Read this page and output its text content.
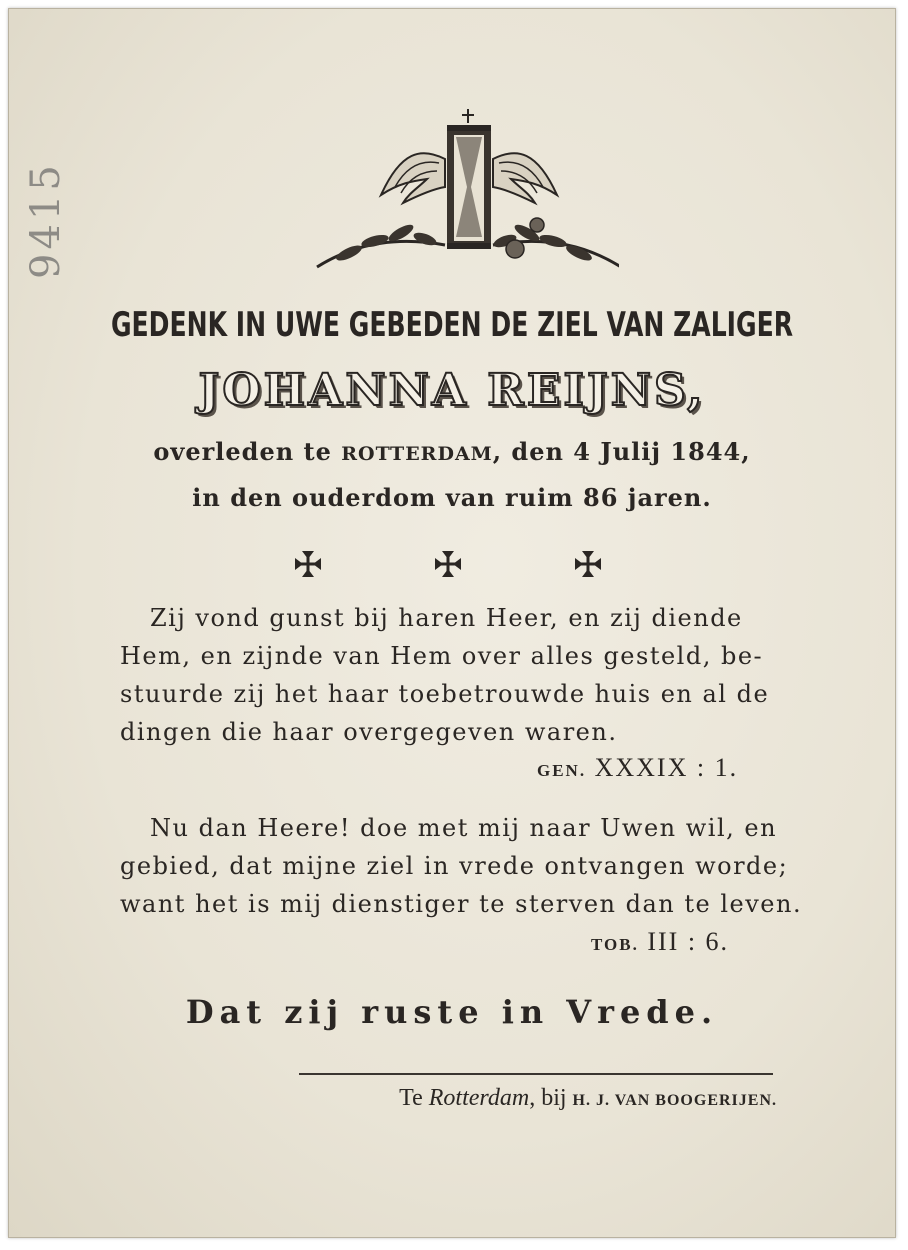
9415
GEDENK IN UWE GEBEDEN DE ZIEL VAN ZALIGER
JOHANNA REIJNS,
overleden te ROTTERDAM, den 4 Julij 1844,
in den ouderdom van ruim 86 jaren.
Zij vond gunst bij haren Heer, en zij diende
Hem, en zijnde van Hem over alles gesteld, be-
stuurde zij het haar toebetrouwde huis en al de
dingen die haar overgegeven waren.
GEN. XXXIX : 1.
Nu dan Heere! doe met mij naar Uwen wil, en
gebied, dat mijne ziel in vrede ontvangen worde;
want het is mij dienstiger te sterven dan te leven.
TOB. III : 6.
Dat zij ruste in Vrede.
Te Rotterdam, bij H. J. VAN BOOGERIJEN.
